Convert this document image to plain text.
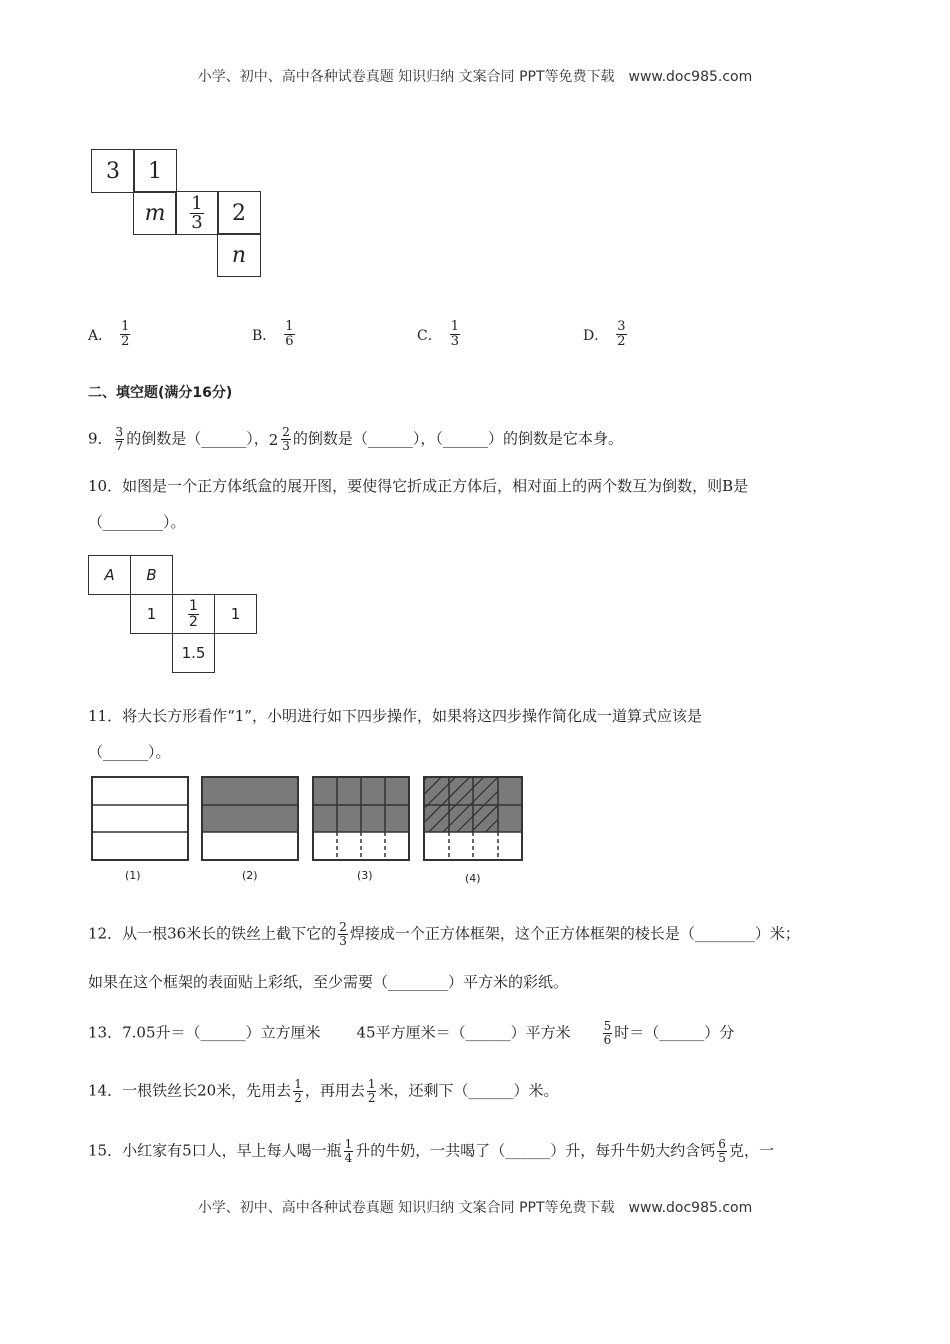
小学、初中、高中各种试卷真题 知识归纳 文案合同 PPT等免费下载 www.doc985.com
3	1
m	$\frac{1}{3}$	2
n
A． $\frac{1}{2}$	B． $\frac{1}{6}$	C． $\frac{1}{3}$	D． $\frac{3}{2}$
二、填空题(满分16分)
9． $\frac{3}{7}$ 的倒数是（______）， $2 \frac{2}{3}$ 的倒数是（______），（______）的倒数是它本身。
10．如图是一个正方体纸盒的展开图，要使得它折成正方体后，相对面上的两个数互为倒数，则B是
（________）。
A	B
1	$\frac{1}{2}$	1
1.5
11．将大长方形看作“1”，小明进行如下四步操作，如果将这四步操作简化成一道算式应该是
（______）。
(1)	(2)	(3)	(4)
12．从一根36米长的铁丝上截下它的 $\frac{2}{3}$ 焊接成一个正方体框架，这个正方体框架的棱长是（________）米；
如果在这个框架的表面贴上彩纸，至少需要（________）平方米的彩纸。
13．7.05升＝（______）立方厘米 45平方厘米＝（______）平方米	$\frac{5}{6}$ 时＝（______）分
14．一根铁丝长20米，先用去 $\frac{1}{2}$ ，再用去 $\frac{1}{2}$ 米，还剩下（______）米。
15．小红家有5口人，早上每人喝一瓶 $\frac{1}{4}$ 升的牛奶，一共喝了（______）升，每升牛奶大约含钙 $\frac{6}{5}$ 克，一
小学、初中、高中各种试卷真题 知识归纳 文案合同 PPT等免费下载 www.doc985.com
